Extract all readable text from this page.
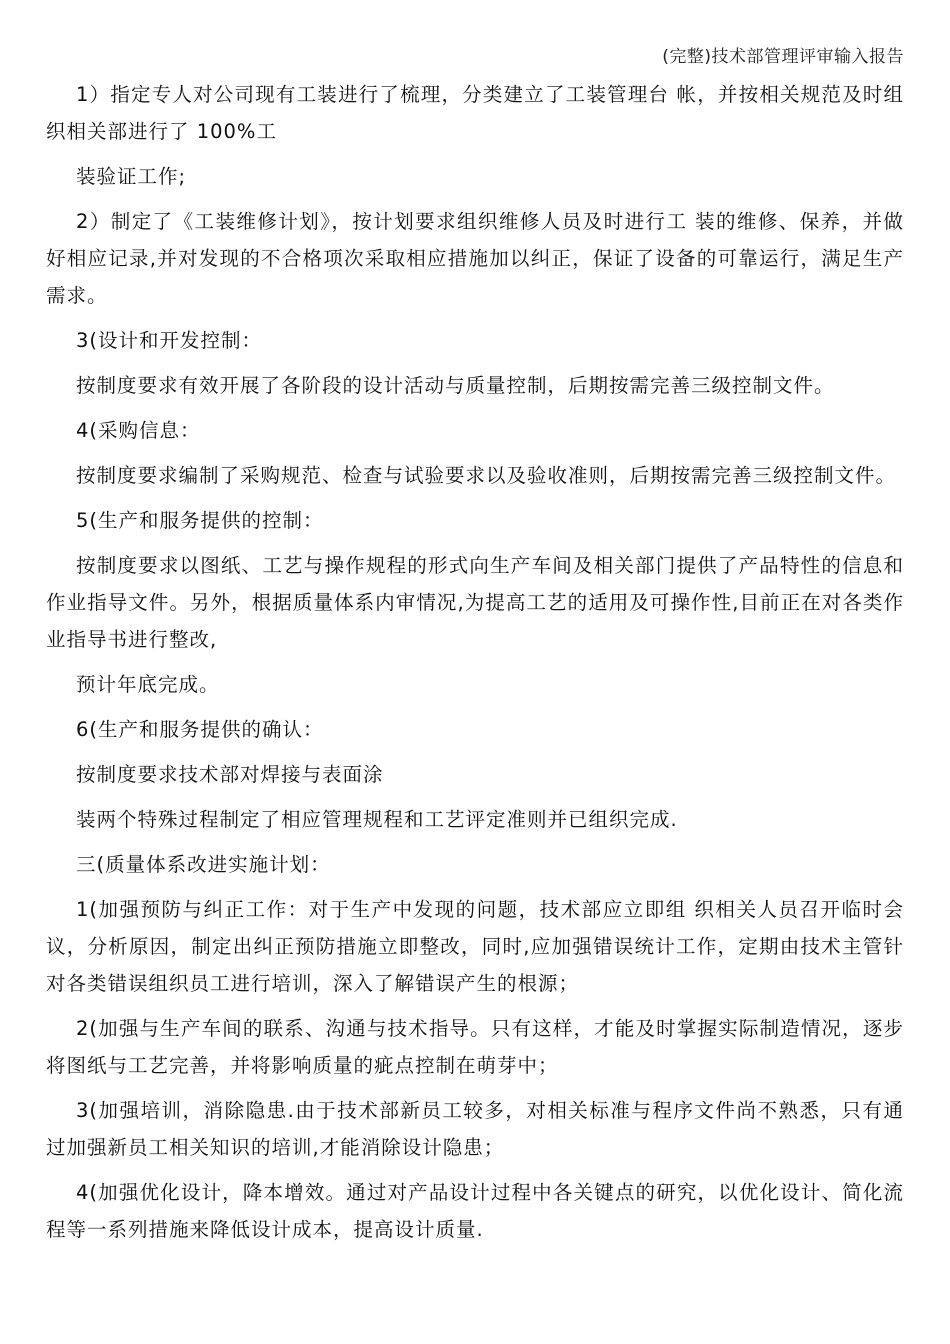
(完整)技术部管理评审输入报告

1）指定专人对公司现有工装进行了梳理，分类建立了工装管理台 帐，并按相关规范及时组织相关部进行了 100%工

装验证工作;

2）制定了《工装维修计划》，按计划要求组织维修人员及时进行工 装的维修、保养，并做好相应记录,并对发现的不合格项次采取相应措施加以纠正，保证了设备的可靠运行，满足生产需求。

3(设计和开发控制：

按制度要求有效开展了各阶段的设计活动与质量控制，后期按需完善三级控制文件。

4(采购信息：

按制度要求编制了采购规范、检查与试验要求以及验收准则，后期按需完善三级控制文件。

5(生产和服务提供的控制：

按制度要求以图纸、工艺与操作规程的形式向生产车间及相关部门提供了产品特性的信息和作业指导文件。另外，根据质量体系内审情况,为提高工艺的适用及可操作性,目前正在对各类作业指导书进行整改,

预计年底完成。

6(生产和服务提供的确认：

按制度要求技术部对焊接与表面涂

装两个特殊过程制定了相应管理规程和工艺评定准则并已组织完成.

三(质量体系改进实施计划：

1(加强预防与纠正工作：对于生产中发现的问题，技术部应立即组 织相关人员召开临时会议，分析原因，制定出纠正预防措施立即整改，同时,应加强错误统计工作，定期由技术主管针对各类错误组织员工进行培训，深入了解错误产生的根源；

2(加强与生产车间的联系、沟通与技术指导。只有这样，才能及时掌握实际制造情况，逐步将图纸与工艺完善，并将影响质量的疵点控制在萌芽中；

3(加强培训，消除隐患.由于技术部新员工较多，对相关标准与程序文件尚不熟悉，只有通过加强新员工相关知识的培训,才能消除设计隐患；

4(加强优化设计，降本增效。通过对产品设计过程中各关键点的研究，以优化设计、简化流程等一系列措施来降低设计成本，提高设计质量.
